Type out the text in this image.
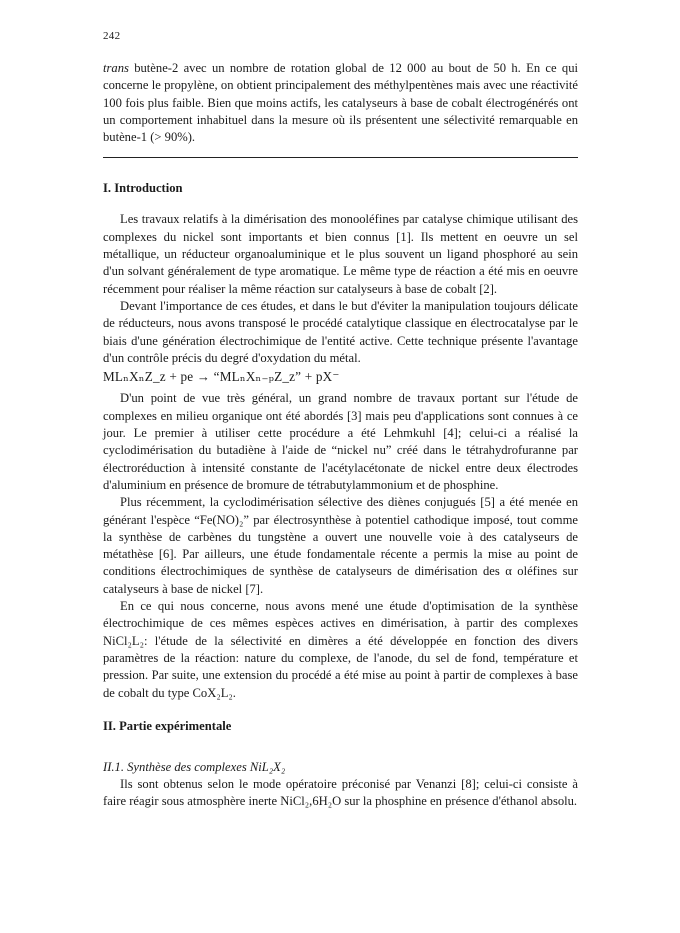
242

trans butène-2 avec un nombre de rotation global de 12 000 au bout de 50 h. En ce qui concerne le propylène, on obtient principalement des méthylpentènes mais avec une réactivité 100 fois plus faible. Bien que moins actifs, les catalyseurs à base de cobalt électrogénérés ont un comportement inhabituel dans la mesure où ils présentent une sélectivité remarquable en butène-1 (> 90%).

I. Introduction

Les travaux relatifs à la dimérisation des monooléfines par catalyse chimique utilisant des complexes du nickel sont importants et bien connus [1]. Ils mettent en oeuvre un sel métallique, un réducteur organoaluminique et le plus souvent un ligand phosphoré au sein d'un solvant généralement de type aromatique. Le même type de réaction a été mis en oeuvre récemment pour réaliser la même réaction sur catalyseurs à base de cobalt [2].

Devant l'importance de ces études, et dans le but d'éviter la manipulation toujours délicate de réducteurs, nous avons transposé le procédé catalytique classique en électrocatalyse par le biais d'une génération électrochimique de l'entité active. Cette technique présente l'avantage d'un contrôle précis du degré d'oxydation du métal.

MLₙXₙZ_z + pe → “MLₙXₙ₋ₚZ_z” + pX⁻

D'un point de vue très général, un grand nombre de travaux portant sur l'étude de complexes en milieu organique ont été abordés [3] mais peu d'applications sont connues à ce jour. Le premier à utiliser cette procédure a été Lehmkuhl [4]; celui-ci a réalisé la cyclodimérisation du butadiène à l'aide de “nickel nu” créé dans le tétrahydrofuranne par électroréduction à intensité constante de l'acétylacétonate de nickel entre deux électrodes d'aluminium en présence de bromure de tétrabutylammonium et de phosphine.

Plus récemment, la cyclodimérisation sélective des diènes conjugués [5] a été menée en générant l'espèce “Fe(NO)₂” par électrosynthèse à potentiel cathodique imposé, tout comme la synthèse de carbènes du tungstène a ouvert une nouvelle voie à des catalyseurs de métathèse [6]. Par ailleurs, une étude fondamentale récente a permis la mise au point de conditions électrochimiques de synthèse de catalyseurs de dimérisation des α oléfines sur catalyseurs à base de nickel [7].

En ce qui nous concerne, nous avons mené une étude d'optimisation de la synthèse électrochimique de ces mêmes espèces actives en dimérisation, à partir des complexes NiCl₂L₂: l'étude de la sélectivité en dimères a été développée en fonction des divers paramètres de la réaction: nature du complexe, de l'anode, du sel de fond, température et pression. Par suite, une extension du procédé a été mise au point à partir de complexes à base de cobalt du type CoX₂L₂.

II. Partie expérimentale
II.1. Synthèse des complexes NiL₂X₂

Ils sont obtenus selon le mode opératoire préconisé par Venanzi [8]; celui-ci consiste à faire réagir sous atmosphère inerte NiCl₂,6H₂O sur la phosphine en présence d'éthanol absolu.
